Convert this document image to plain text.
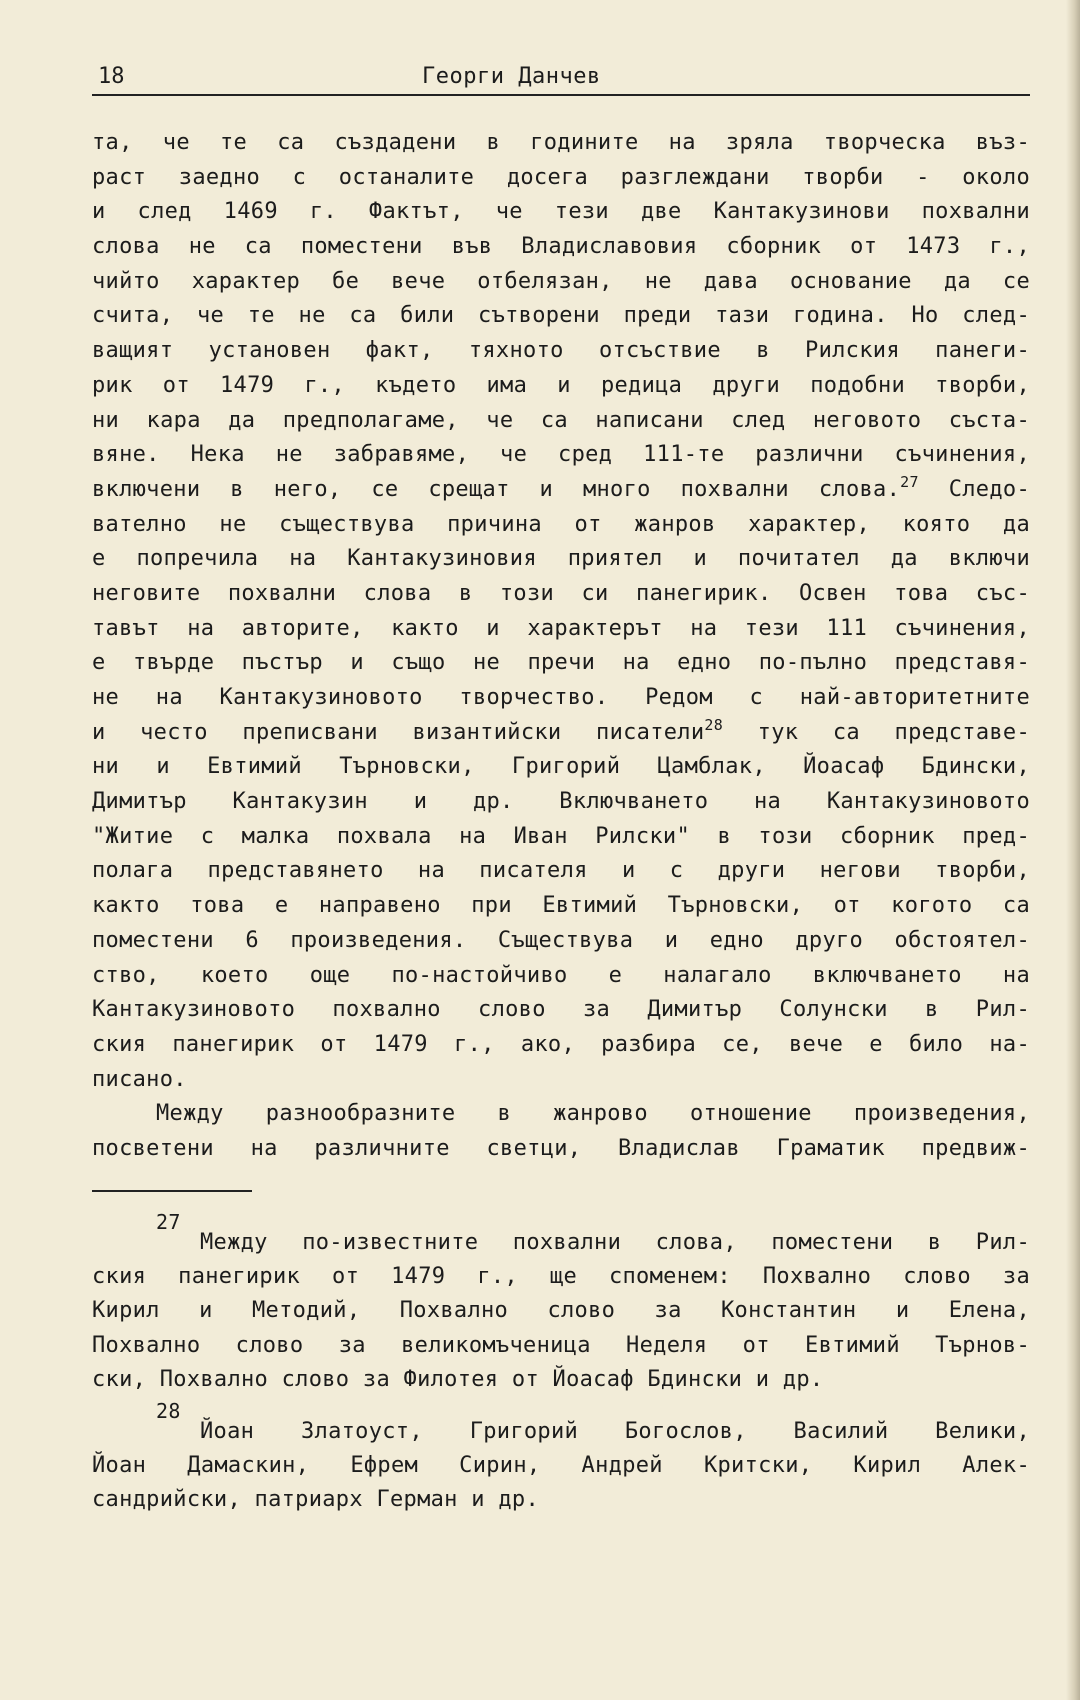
18	Георги Данчев
та, че те са създадени в годините на зряла творческа въз-
раст заедно с останалите досега разглеждани творби - около
и след 1469 г. Фактът, че тези две Кантакузинови похвални
слова не са поместени във Владиславовия сборник от 1473 г.,
чийто характер бе вече отбелязан, не дава основание да се
счита, че те не са били сътворени преди тази година. Но след-
ващият установен факт, тяхното отсъствие в Рилския панеги-
рик от 1479 г., където има и редица други подобни творби,
ни кара да предполагаме, че са написани след неговото съста-
вяне. Нека не забравяме, че сред 111-те различни съчинения,
включени в него, се срещат и много похвални слова.$^{27}$ Следо-
вателно не съществува причина от жанров характер, която да
е попречила на Кантакузиновия приятел и почитател да включи
неговите похвални слова в този си панегирик. Освен това със-
тавът на авторите, както и характерът на тези 111 съчинения,
е твърде пъстър и също не пречи на едно по-пълно представя-
не на Кантакузиновото творчество. Редом с най-авторитетните
и често преписвани византийски писатели$^{28}$ тук са представе-
ни и Евтимий Търновски, Григорий Цамблак, Йоасаф Бдински,
Димитър Кантакузин и др. Включването на Кантакузиновото
"Житие с малка похвала на Иван Рилски" в този сборник пред-
полага представянето на писателя и с други негови творби,
както това е направено при Евтимий Търновски, от когото са
поместени 6 произведения. Съществува и едно друго обстоятел-
ство, което още по-настойчиво е налагало включването на
Кантакузиновото похвално слово за Димитър Солунски в Рил-
ския панегирик от 1479 г., ако, разбира се, вече е било на-
писано.
Между разнообразните в жанрово отношение произведения,
посветени на различните светци, Владислав Граматик предвиж-
27
Между по-известните похвални слова, поместени в Рил-
ския панегирик от 1479 г., ще споменем: Похвално слово за
Кирил и Методий, Похвално слово за Константин и Елена,
Похвално слово за великомъченица Неделя от Евтимий Търнов-
ски, Похвално слово за Филотея от Йоасаф Бдински и др.
28
Йоан Златоуст, Григорий Богослов, Василий Велики,
Йоан Дамаскин, Ефрем Сирин, Андрей Критски, Кирил Алек-
сандрийски, патриарх Герман и др.
